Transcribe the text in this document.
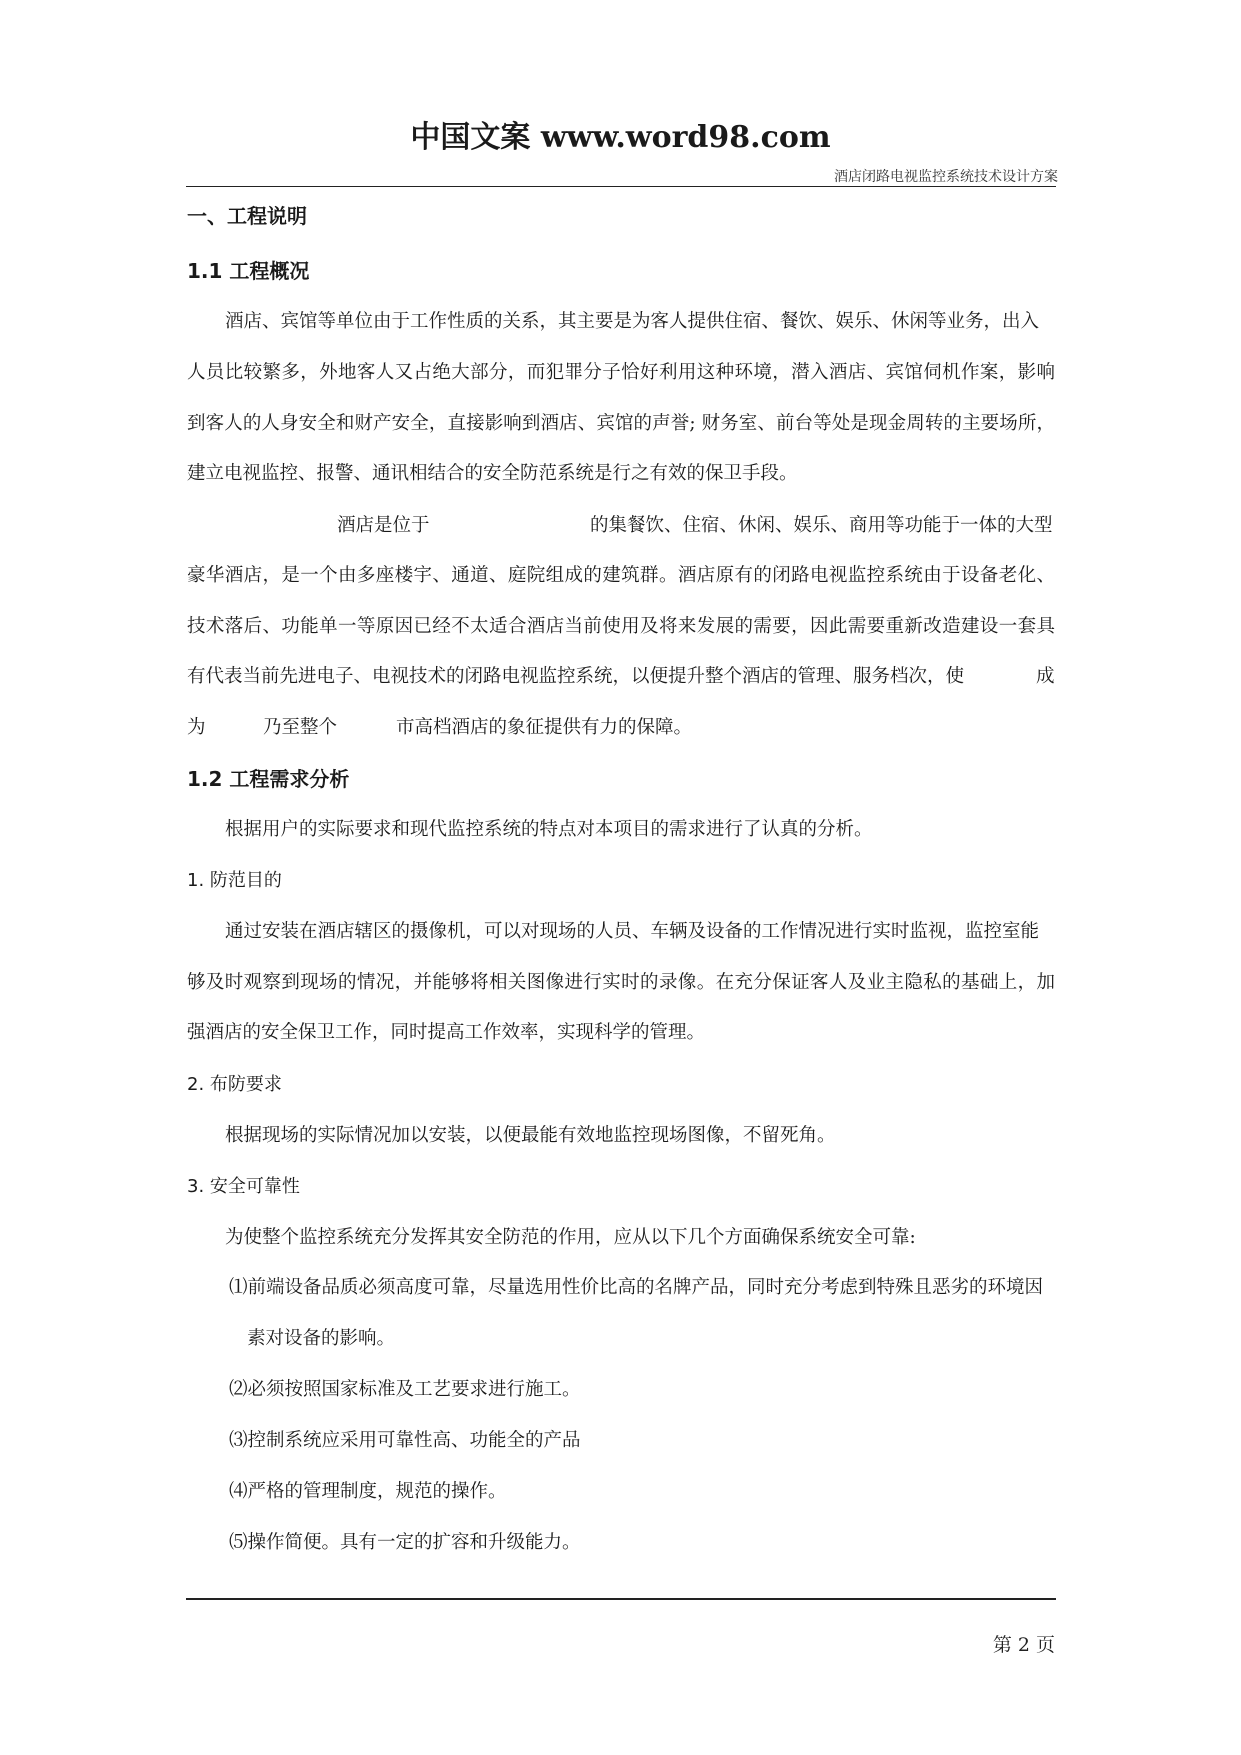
中国文案 www.word98.com
酒店闭路电视监控系统技术设计方案
一、工程说明
1.1 工程概况
酒店、宾馆等单位由于工作性质的关系，其主要是为客人提供住宿、餐饮、娱乐、休闲等业务，出入
人员比较繁多，外地客人又占绝大部分，而犯罪分子恰好利用这种环境，潜入酒店、宾馆伺机作案，影响
到客人的人身安全和财产安全，直接影响到酒店、宾馆的声誉; 财务室、前台等处是现金周转的主要场所，
建立电视监控、报警、通讯相结合的安全防范系统是行之有效的保卫手段。
酒店是位于	的集餐饮、住宿、休闲、娱乐、商用等功能于一体的大型
豪华酒店，是一个由多座楼宇、通道、庭院组成的建筑群。酒店原有的闭路电视监控系统由于设备老化、
技术落后、功能单一等原因已经不太适合酒店当前使用及将来发展的需要，因此需要重新改造建设一套具
有代表当前先进电子、电视技术的闭路电视监控系统，以便提升整个酒店的管理、服务档次，使	成
为	乃至整个	市高档酒店的象征提供有力的保障。
1.2 工程需求分析
根据用户的实际要求和现代监控系统的特点对本项目的需求进行了认真的分析。
1. 防范目的
通过安装在酒店辖区的摄像机，可以对现场的人员、车辆及设备的工作情况进行实时监视，监控室能
够及时观察到现场的情况，并能够将相关图像进行实时的录像。在充分保证客人及业主隐私的基础上，加
强酒店的安全保卫工作，同时提高工作效率，实现科学的管理。
2. 布防要求
根据现场的实际情况加以安装，以便最能有效地监控现场图像，不留死角。
3. 安全可靠性
为使整个监控系统充分发挥其安全防范的作用，应从以下几个方面确保系统安全可靠:
⑴前端设备品质必须高度可靠，尽量选用性价比高的名牌产品，同时充分考虑到特殊且恶劣的环境因
素对设备的影响。
⑵必须按照国家标准及工艺要求进行施工。
⑶控制系统应采用可靠性高、功能全的产品
⑷严格的管理制度，规范的操作。
⑸操作简便。具有一定的扩容和升级能力。
第 2 页
